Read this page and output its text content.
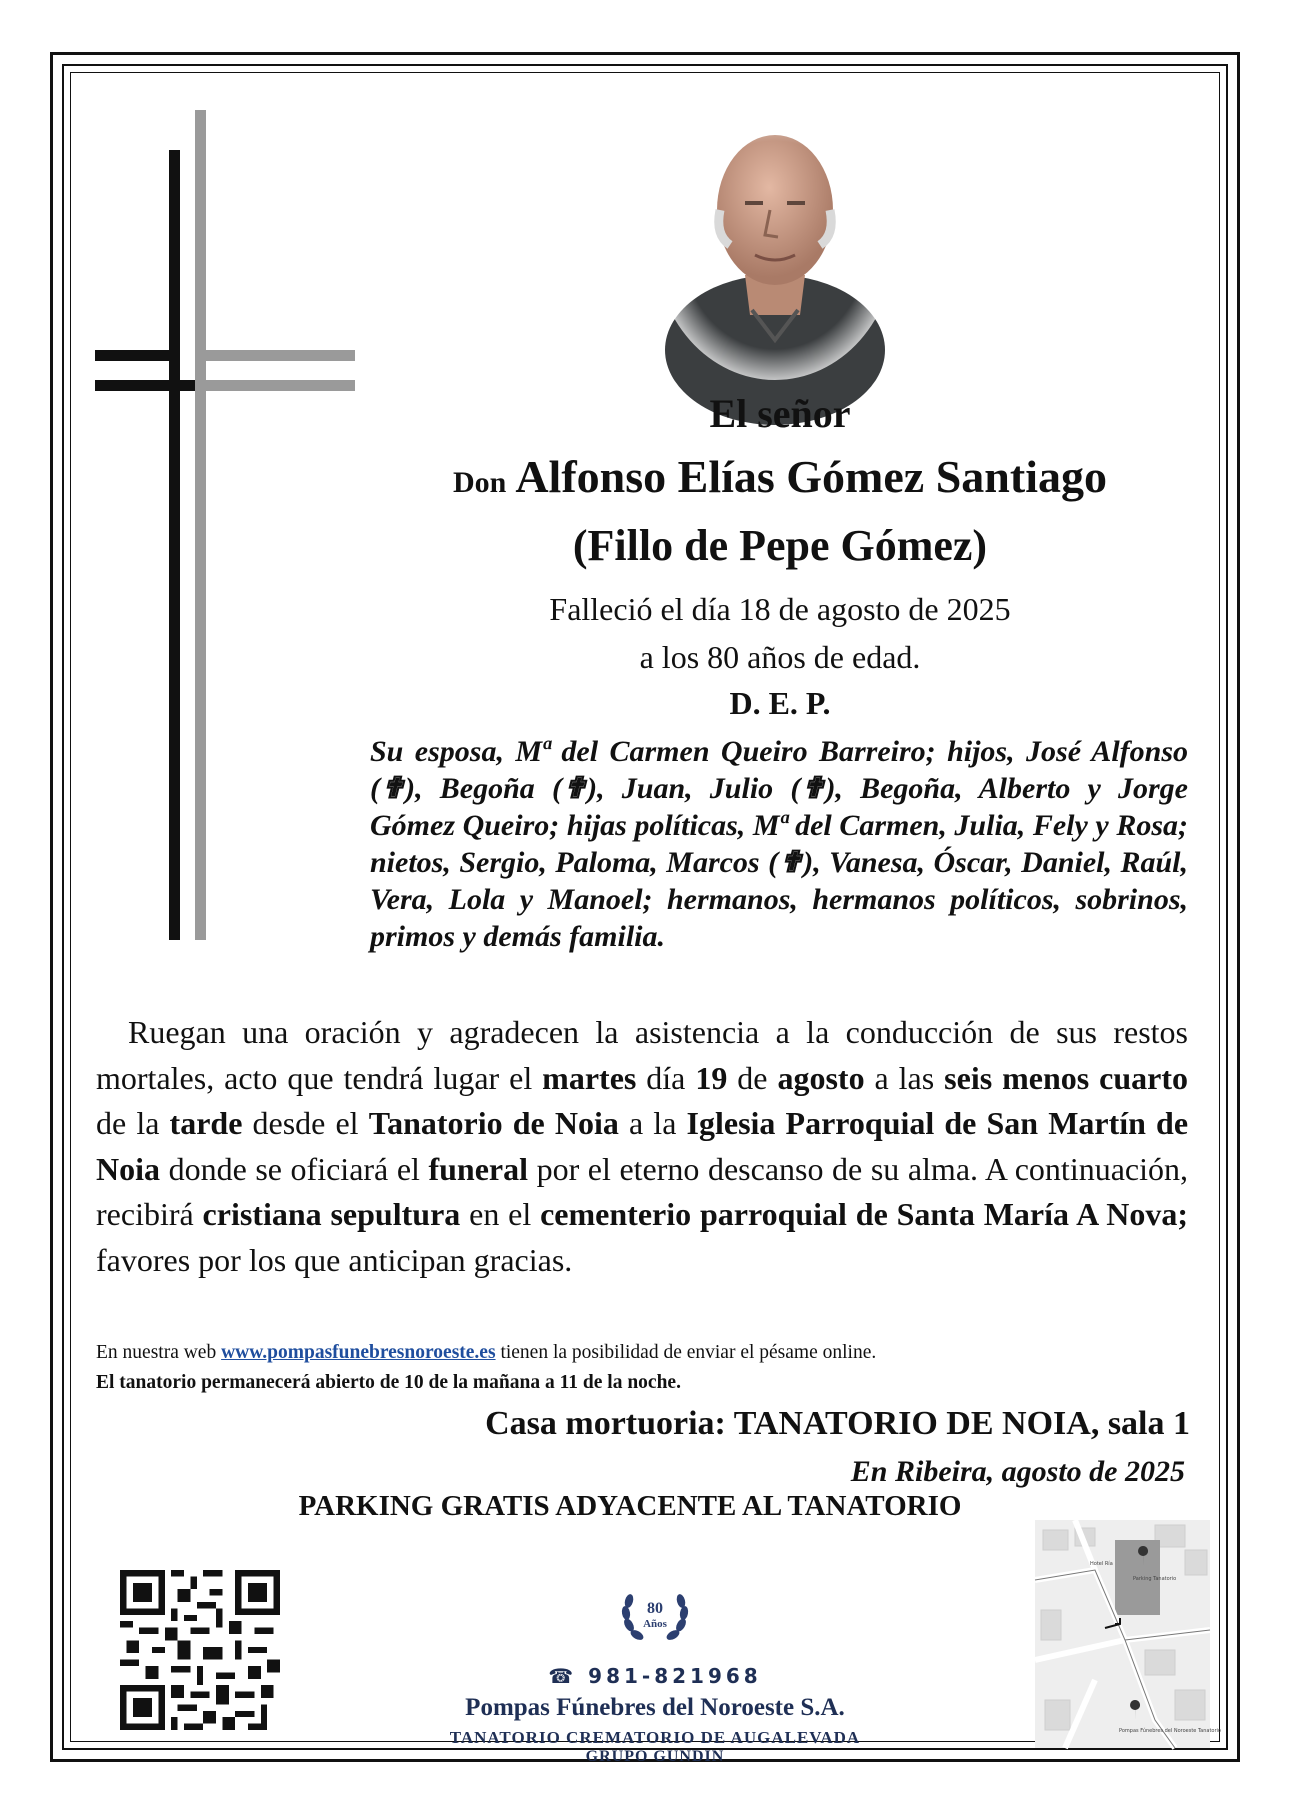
El señor
Don Alfonso Elías Gómez Santiago
(Fillo de Pepe Gómez)
Falleció el día 18 de agosto de 2025
a los 80 años de edad.
D. E. P.
Su esposa, Mª del Carmen Queiro Barreiro; hijos, José Alfonso (✟), Begoña (✟), Juan, Julio (✟), Begoña, Alberto y Jorge Gómez Queiro; hijas políticas, Mª del Carmen, Julia, Fely y Rosa; nietos, Sergio, Paloma, Marcos (✟), Vanesa, Óscar, Daniel, Raúl, Vera, Lola y Manoel; hermanos, hermanos políticos, sobrinos, primos y demás familia.
 Ruegan una oración y agradecen la asistencia a la conducción de sus restos mortales, acto que tendrá lugar el martes día 19 de agosto a las seis menos cuarto de la tarde desde el Tanatorio de Noia a la Iglesia Parroquial de San Martín de Noia donde se oficiará el funeral por el eterno descanso de su alma. A continuación, recibirá cristiana sepultura en el cementerio parroquial de Santa María A Nova; favores por los que anticipan gracias.
En nuestra web www.pompasfunebresnoroeste.es tienen la posibilidad de enviar el pésame online.
El tanatorio permanecerá abierto de 10 de la mañana a 11 de la noche.
Casa mortuoria: TANATORIO DE NOIA, sala 1
En Ribeira, agosto de 2025
PARKING GRATIS ADYACENTE AL TANATORIO
80
Años
☎ 981-821968
Pompas Fúnebres del Noroeste S.A.
TANATORIO CREMATORIO DE AUGALEVADA
GRUPO GUNDIN
Hotel Ría
Parking Tanatorio
Pompas Fúnebres del Noroeste Tanatorio
